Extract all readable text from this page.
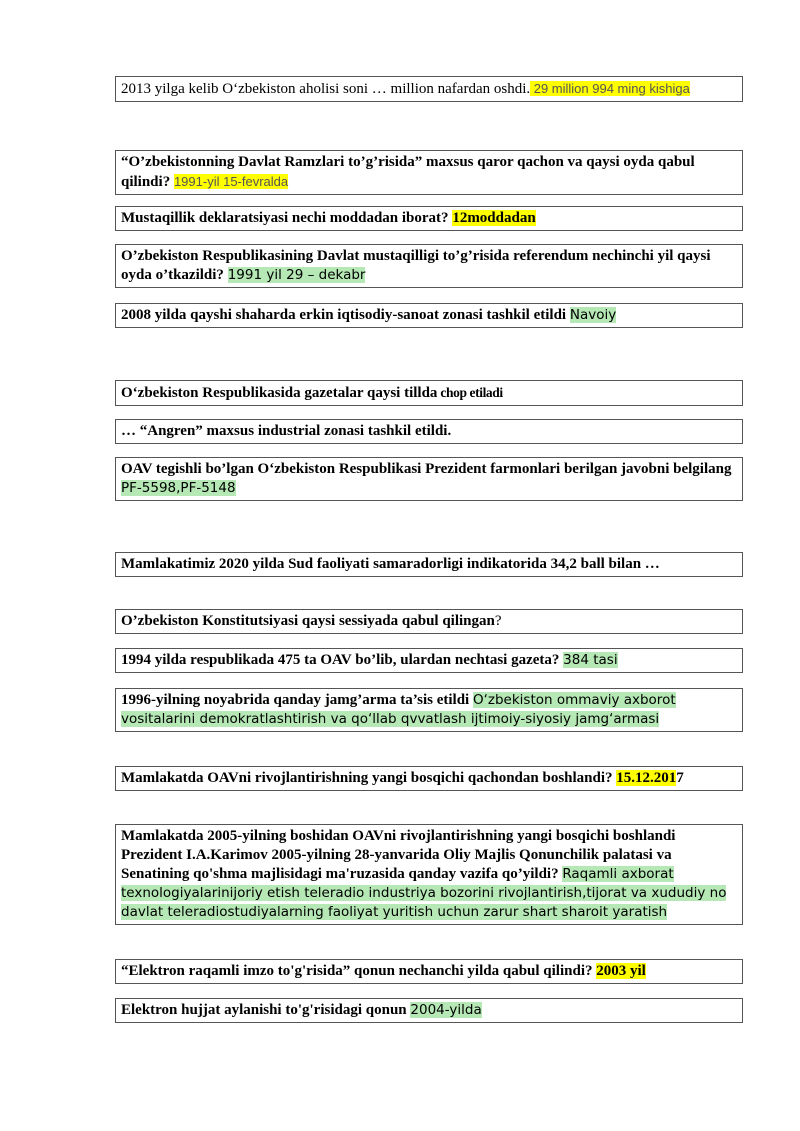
2013 yilga kelib O‘zbekiston aholisi soni … million nafardan oshdi. 29 million 994 ming kishiga
“O’zbekistonning Davlat Ramzlari to’g’risida” maxsus qaror qachon va qaysi oyda qabul qilindi? 1991-yil 15-fevralda
Mustaqillik deklaratsiyasi nechi moddadan iborat? 12moddadan
O’zbekiston Respublikasining Davlat mustaqilligi to’g’risida referendum nechinchi yil qaysi oyda o’tkazildi? 1991 yil 29 – dekabr
2008 yilda qayshi shaharda erkin iqtisodiy-sanoat zonasi tashkil etildi Navoiy
O‘zbekiston Respublikasida gazetalar qaysi tillda chop etiladi
… “Angren” maxsus industrial zonasi tashkil etildi.
OAV tegishli bo’lgan O‘zbekiston Respublikasi Prezident farmonlari berilgan javobni belgilang PF-5598,PF-5148
Mamlakatimiz 2020 yilda Sud faoliyati samaradorligi indikatorida 34,2 ball bilan …
O’zbekiston Konstitutsiyasi qaysi sessiyada qabul qilingan?
1994 yilda respublikada 475 ta OAV bo’lib, ulardan nechtasi gazeta? 384 tasi
1996-yilning noyabrida qanday jamg’arma ta’sis etildi O‘zbekiston ommaviy axborot vositalarini demokratlashtirish va qo‘llab qvvatlash ijtimoiy-siyosiy jamg‘armasi
Mamlakatda OAVni rivojlantirishning yangi bosqichi qachondan boshlandi? 15.12.2017
Mamlakatda 2005-yilning boshidan OAVni rivojlantirishning yangi bosqichi boshlandi Prezident I.A.Karimov 2005-yilning 28-yanvarida Oliy Majlis Qonunchilik palatasi va Senatining qo'shma majlisidagi ma'ruzasida qanday vazifa qo’yildi? Raqamli axborat texnologiyalarinijoriy etish teleradio industriya bozorini rivojlantirish,tijorat va xududiy no davlat teleradiostudiyalarning faoliyat yuritish uchun zarur shart sharoit yaratish
“Elektron raqamli imzo to'g'risida” qonun nechanchi yilda qabul qilindi? 2003 yil
Elektron hujjat aylanishi to'g'risidagi qonun 2004-yilda
